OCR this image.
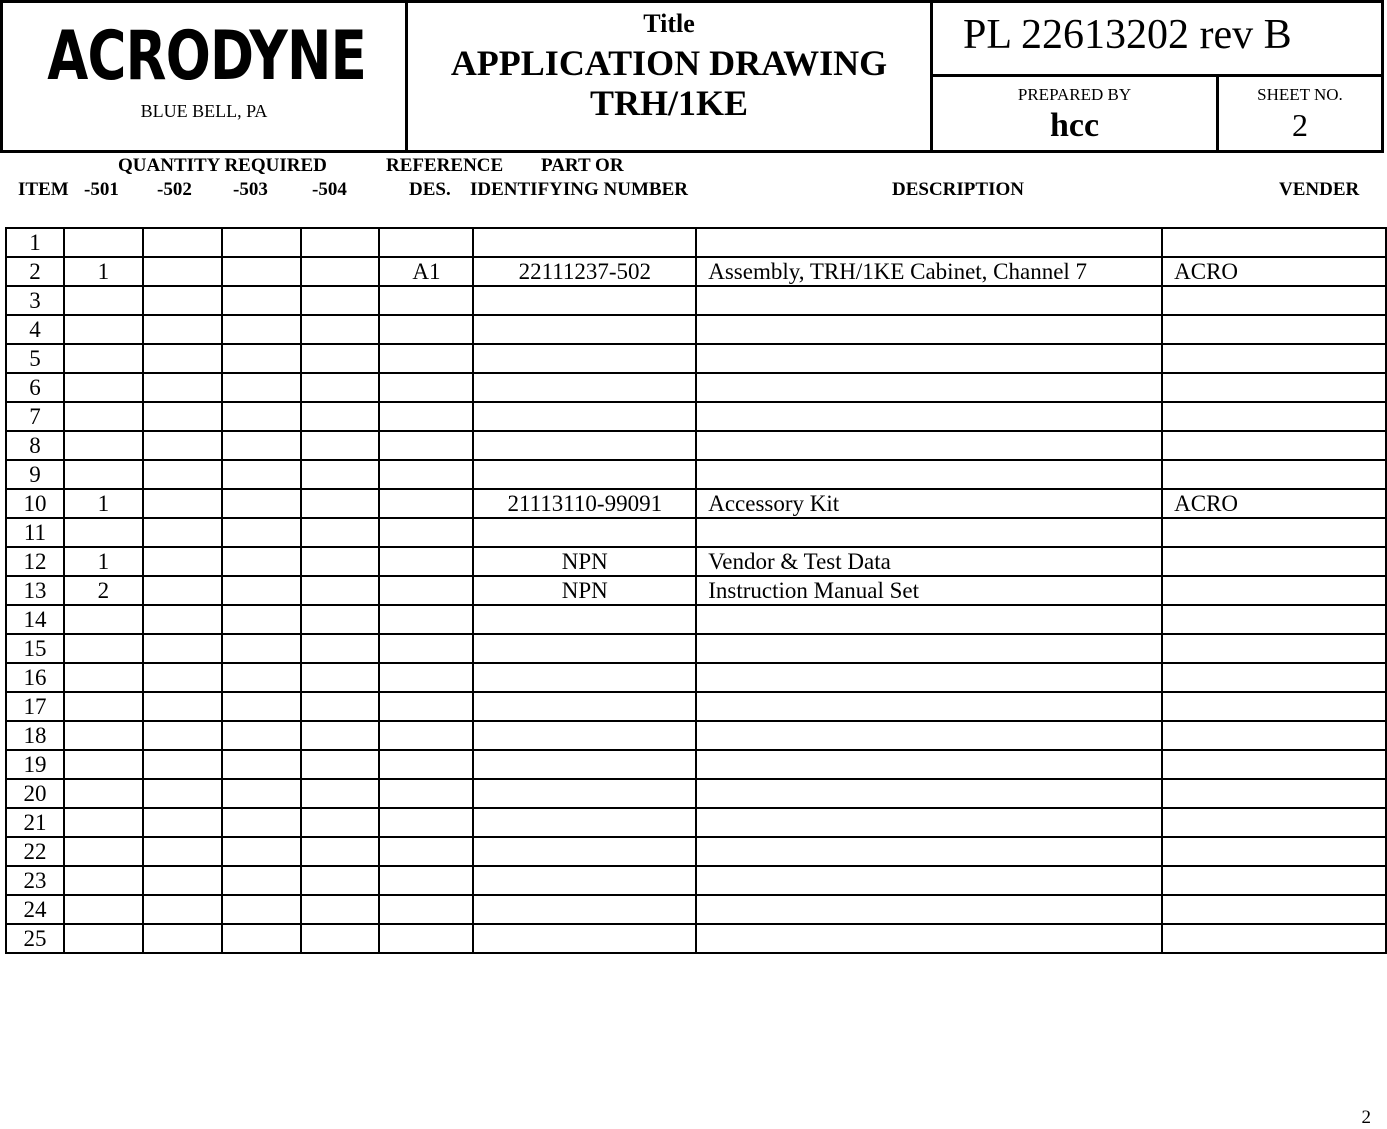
ACRODYNE
BLUE BELL, PA
Title
APPLICATION DRAWING
TRH/1KE
PL 22613202 rev B
PREPARED BY
hcc
SHEET NO.
2
QUANTITY REQUIRED	REFERENCE PART OR
ITEM -501 -502 -503 -504	DES. IDENTIFYING NUMBER	DESCRIPTION	VENDER
1								
2	1				A1	22111237-502	Assembly, TRH/1KE Cabinet, Channel 7	ACRO
3								
4								
5								
6								
7								
8								
9								
10	1					21113110-99091	Accessory Kit	ACRO
11								
12	1					NPN	Vendor & Test Data	
13	2					NPN	Instruction Manual Set	
14								
15								
16								
17								
18								
19								
20								
21								
22								
23								
24								
25								
2
